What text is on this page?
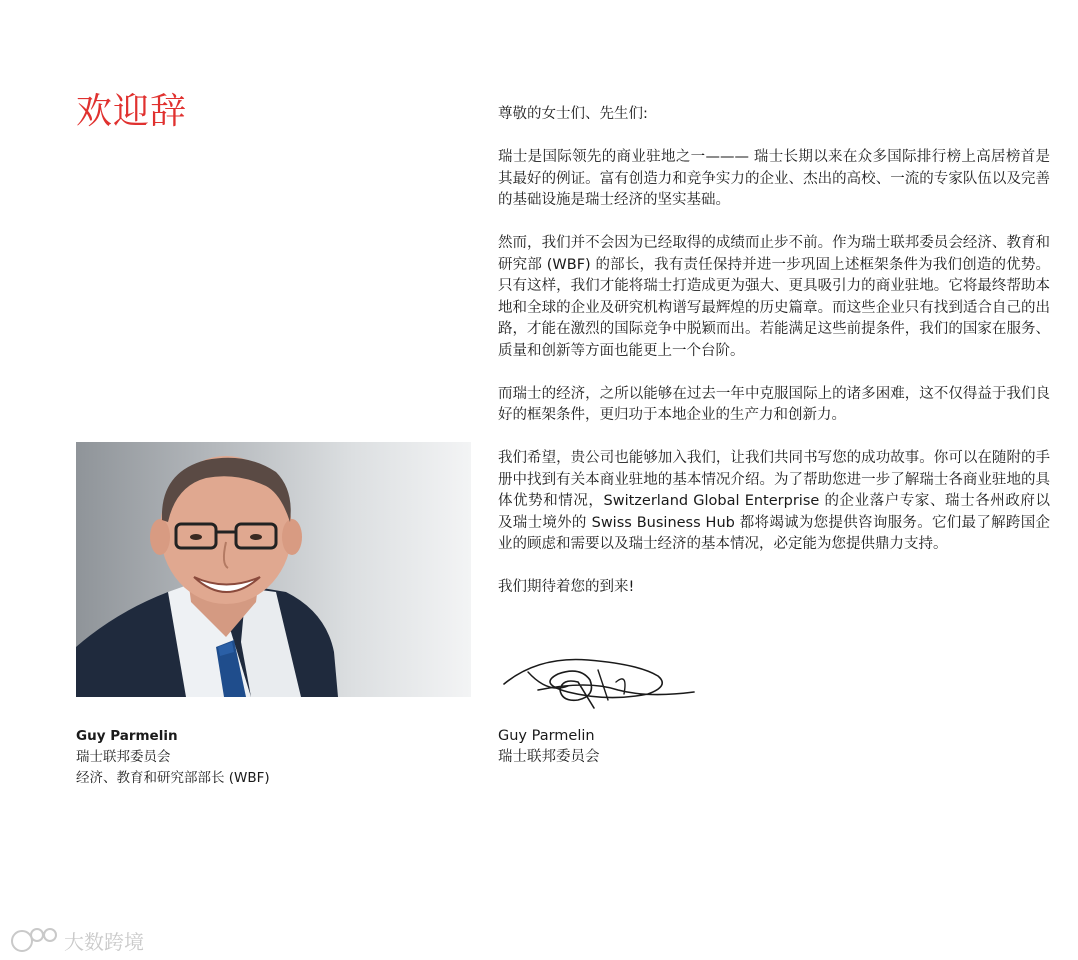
欢迎辞
Guy Parmelin
瑞士联邦委员会
经济、教育和研究部部长 (WBF)

尊敬的女士们、先生们:

瑞士是国际领先的商业驻地之一——— 瑞士长期以来在众多国际排行榜上高居榜首是其最好的例证。富有创造力和竞争实力的企业、杰出的高校、一流的专家队伍以及完善的基础设施是瑞士经济的坚实基础。

然而，我们并不会因为已经取得的成绩而止步不前。作为瑞士联邦委员会经济、教育和研究部 (WBF) 的部长，我有责任保持并进一步巩固上述框架条件为我们创造的优势。只有这样，我们才能将瑞士打造成更为强大、更具吸引力的商业驻地。它将最终帮助本地和全球的企业及研究机构谱写最辉煌的历史篇章。而这些企业只有找到适合自己的出路，才能在激烈的国际竞争中脱颖而出。若能满足这些前提条件，我们的国家在服务、质量和创新等方面也能更上一个台阶。

而瑞士的经济，之所以能够在过去一年中克服国际上的诸多困难，这不仅得益于我们良好的框架条件，更归功于本地企业的生产力和创新力。

我们希望，贵公司也能够加入我们，让我们共同书写您的成功故事。你可以在随附的手册中找到有关本商业驻地的基本情况介绍。为了帮助您进一步了解瑞士各商业驻地的具体优势和情况，Switzerland Global Enterprise 的企业落户专家、瑞士各州政府以及瑞士境外的 Swiss Business Hub 都将竭诚为您提供咨询服务。它们最了解跨国企业的顾虑和需要以及瑞士经济的基本情况，必定能为您提供鼎力支持。

我们期待着您的到来!

Guy Parmelin
瑞士联邦委员会
大数跨境
